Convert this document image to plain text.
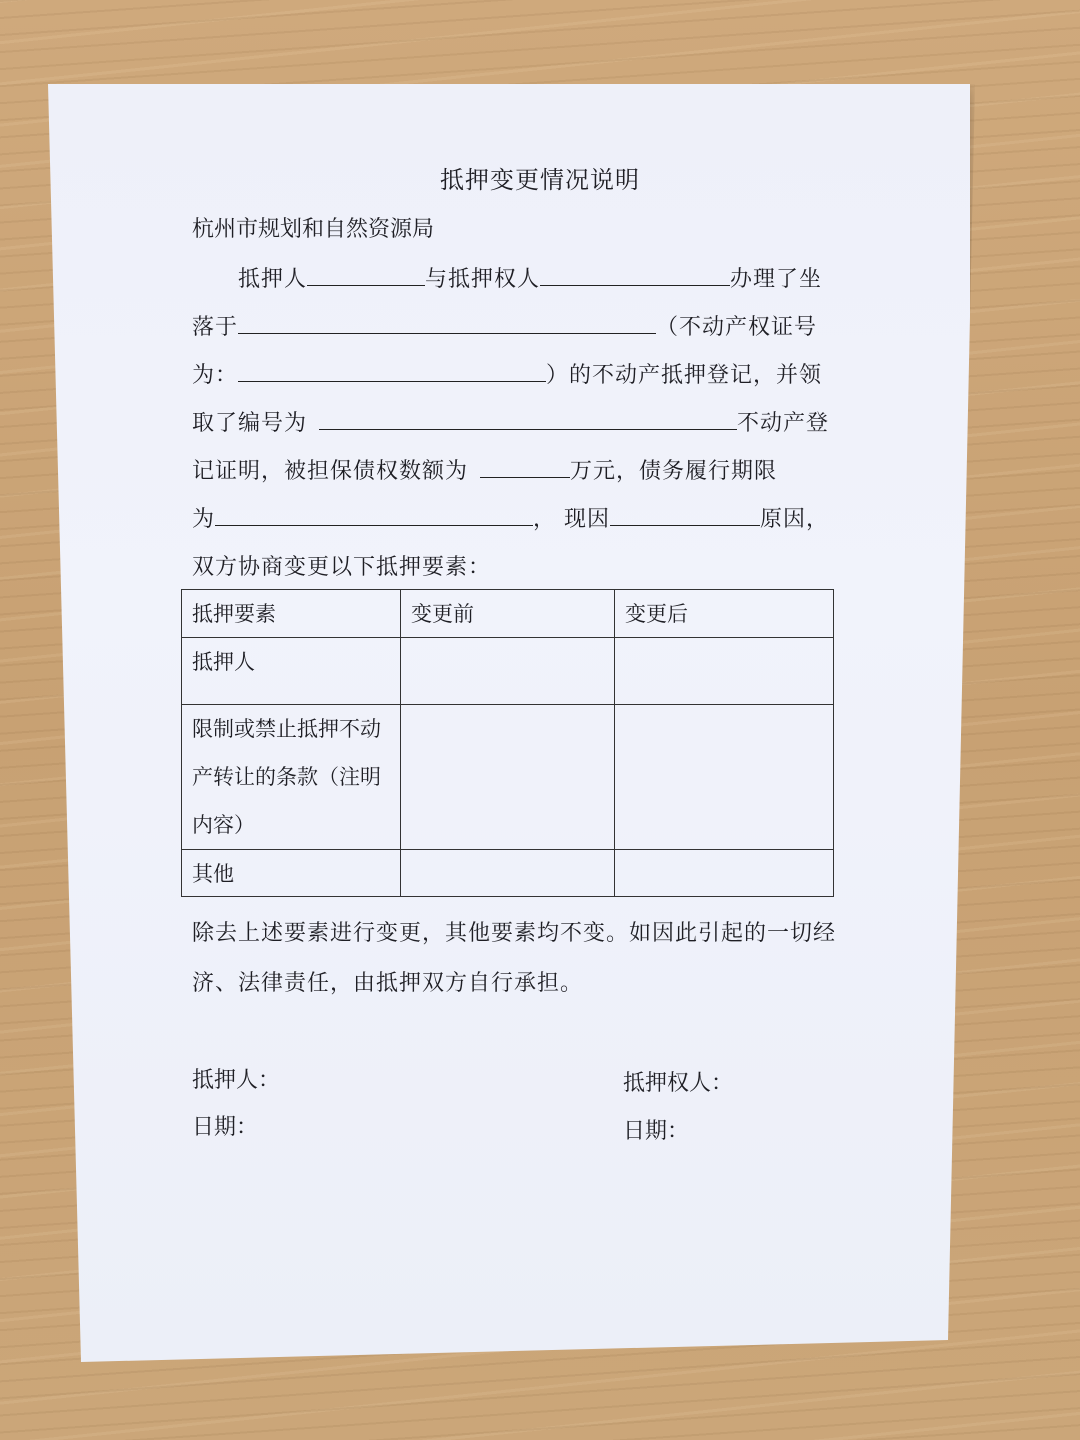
抵押变更情况说明
杭州市规划和自然资源局
抵押人	与抵押权人	办理了坐
落于	（不动产权证号
为：	）的不动产抵押登记，并领
取了编号为	不动产登
记证明，被担保债权数额为	万元，债务履行期限
为	， 现因	原因，
双方协商变更以下抵押要素：
抵押要素	变更前	变更后
抵押人		

限制或禁止抵押不动
产转让的条款（注明
内容）		

其他		
除去上述要素进行变更，其他要素均不变。如因此引起的一切经
济、法律责任，由抵押双方自行承担。
抵押人：
日期：
抵押权人：
日期：
